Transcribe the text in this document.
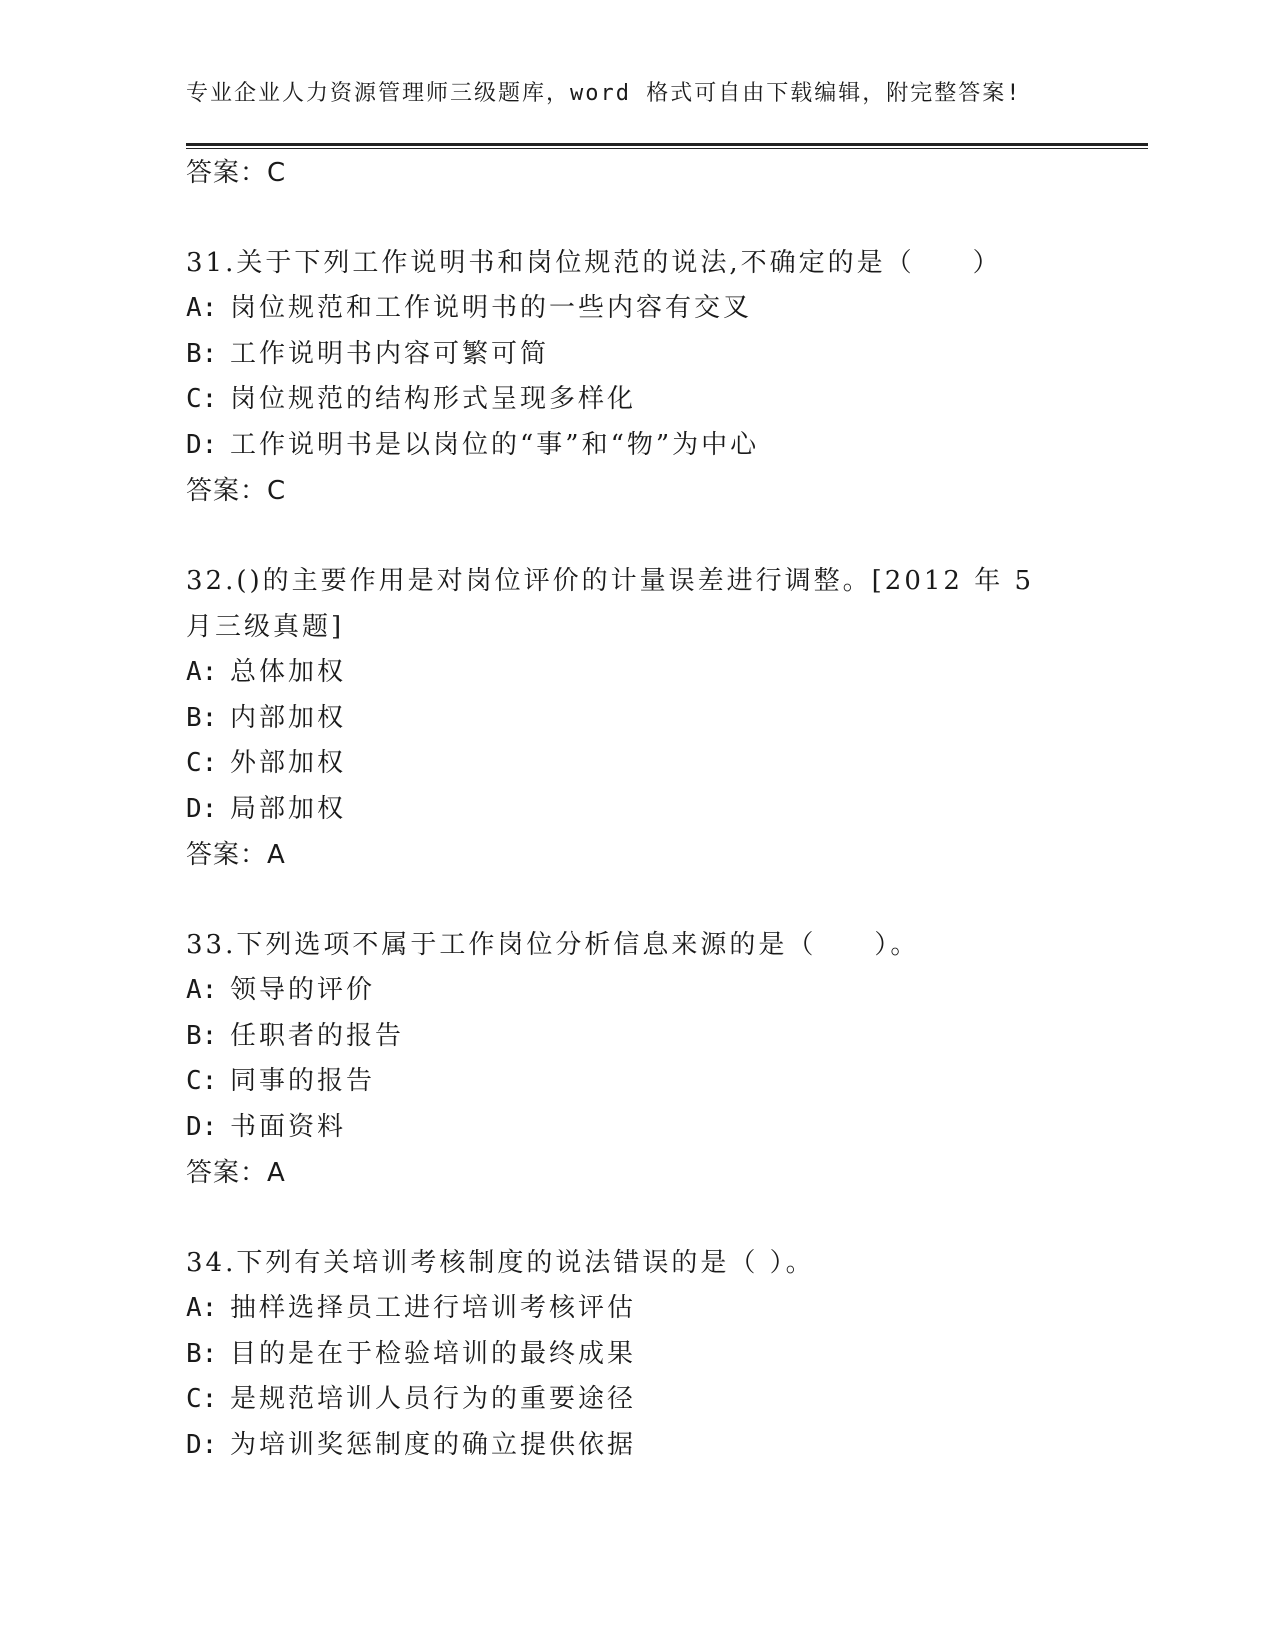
专业企业人力资源管理师三级题库，word 格式可自由下载编辑，附完整答案!
答案：C
31.关于下列工作说明书和岗位规范的说法,不确定的是（　　）
A: 岗位规范和工作说明书的一些内容有交叉
B: 工作说明书内容可繁可简
C: 岗位规范的结构形式呈现多样化
D: 工作说明书是以岗位的“事”和“物”为中心
答案：C
32.()的主要作用是对岗位评价的计量误差进行调整。[2012 年 5 月三级真题]
A: 总体加权
B: 内部加权
C: 外部加权
D: 局部加权
答案：A
33.下列选项不属于工作岗位分析信息来源的是（　　）。
A: 领导的评价
B: 任职者的报告
C: 同事的报告
D: 书面资料
答案：A
34.下列有关培训考核制度的说法错误的是（ ）。
A: 抽样选择员工进行培训考核评估
B: 目的是在于检验培训的最终成果
C: 是规范培训人员行为的重要途径
D: 为培训奖惩制度的确立提供依据
